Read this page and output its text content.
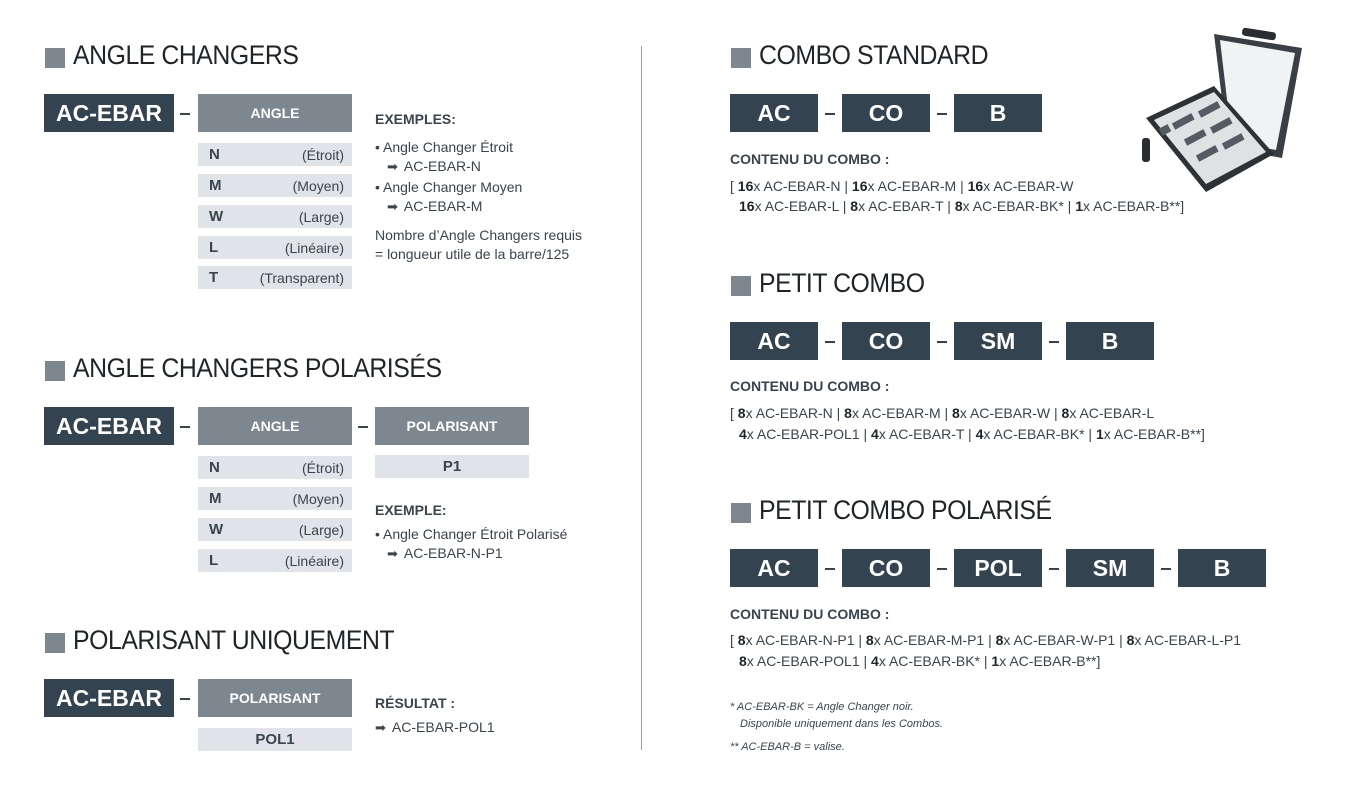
ANGLE CHANGERS
AC-EBAR	ANGLE
N	(Étroit)
M	(Moyen)
W	(Large)
L	(Linéaire)
T	(Transparent)
EXEMPLES:
• Angle Changer Étroit
➡ AC-EBAR-N
• Angle Changer Moyen
➡ AC-EBAR-M
Nombre d’Angle Changers requis
= longueur utile de la barre/125
ANGLE CHANGERS POLARISÉS
AC-EBAR	ANGLE	POLARISANT
P1
N	(Étroit)
M	(Moyen)
W	(Large)
L	(Linéaire)
EXEMPLE:
• Angle Changer Étroit Polarisé
➡ AC-EBAR-N-P1
POLARISANT UNIQUEMENT
AC-EBAR	POLARISANT
POL1
RÉSULTAT :
➡ AC-EBAR-POL1
COMBO STANDARD
AC	CO	B
CONTENU DU COMBO :
[ 16x AC-EBAR-N | 16x AC-EBAR-M | 16x AC-EBAR-W
16x AC-EBAR-L | 8x AC-EBAR-T | 8x AC-EBAR-BK* | 1x AC-EBAR-B**]
PETIT COMBO
AC	CO	SM	B
CONTENU DU COMBO :
[ 8x AC-EBAR-N | 8x AC-EBAR-M | 8x AC-EBAR-W | 8x AC-EBAR-L
4x AC-EBAR-POL1 | 4x AC-EBAR-T | 4x AC-EBAR-BK* | 1x AC-EBAR-B**]
PETIT COMBO POLARISÉ
AC	CO	POL	SM	B
CONTENU DU COMBO :
[ 8x AC-EBAR-N-P1 | 8x AC-EBAR-M-P1 | 8x AC-EBAR-W-P1 | 8x AC-EBAR-L-P1
8x AC-EBAR-POL1 | 4x AC-EBAR-BK* | 1x AC-EBAR-B**]
* AC-EBAR-BK = Angle Changer noir.
Disponible uniquement dans les Combos.
** AC-EBAR-B = valise.
